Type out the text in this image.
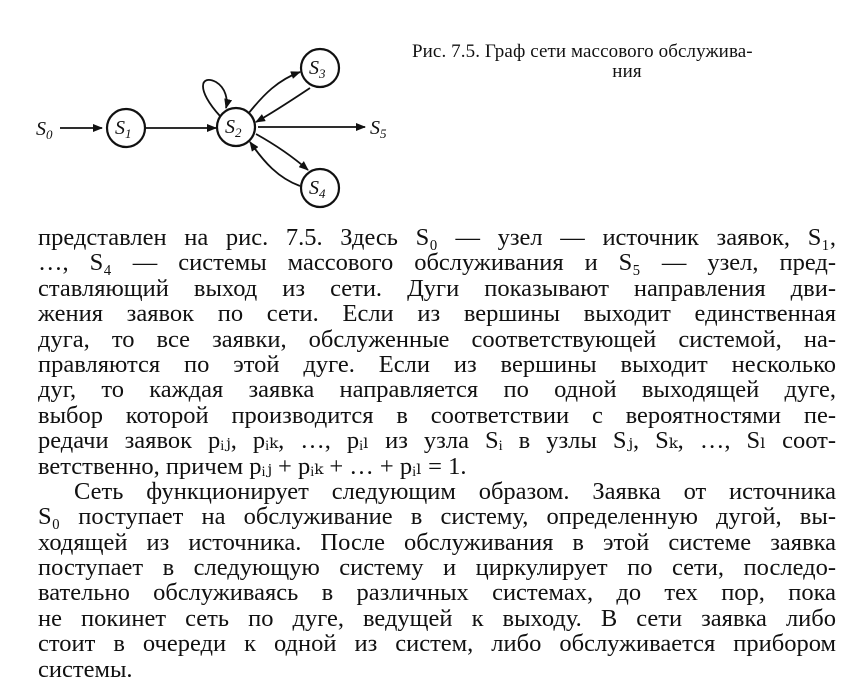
$S_0$	$S_5$
$S_1$	$S_2$
$S_3$
$S_4$
Рис. 7.5. Граф сети массового обслужива-
ния
представлен на рис. 7.5. Здесь S₀ — узел — источник заявок, S₁,
…, S₄ — системы массового обслуживания и S₅ — узел, пред-
ставляющий выход из сети. Дуги показывают направления дви-
жения заявок по сети. Если из вершины выходит единственная
дуга, то все заявки, обслуженные соответствующей системой, на-
правляются по этой дуге. Если из вершины выходит несколько
дуг, то каждая заявка направляется по одной выходящей дуге,
выбор которой производится в соответствии с вероятностями пе-
редачи заявок pᵢⱼ, pᵢₖ, …, pᵢₗ из узла Sᵢ в узлы Sⱼ, Sₖ, …, Sₗ соот-
ветственно, причем pᵢⱼ + pᵢₖ + … + pᵢₗ = 1.
Сеть функционирует следующим образом. Заявка от источника
S₀ поступает на обслуживание в систему, определенную дугой, вы-
ходящей из источника. После обслуживания в этой системе заявка
поступает в следующую систему и циркулирует по сети, последо-
вательно обслуживаясь в различных системах, до тех пор, пока
не покинет сеть по дуге, ведущей к выходу. В сети заявка либо
стоит в очереди к одной из систем, либо обслуживается прибором
системы.
